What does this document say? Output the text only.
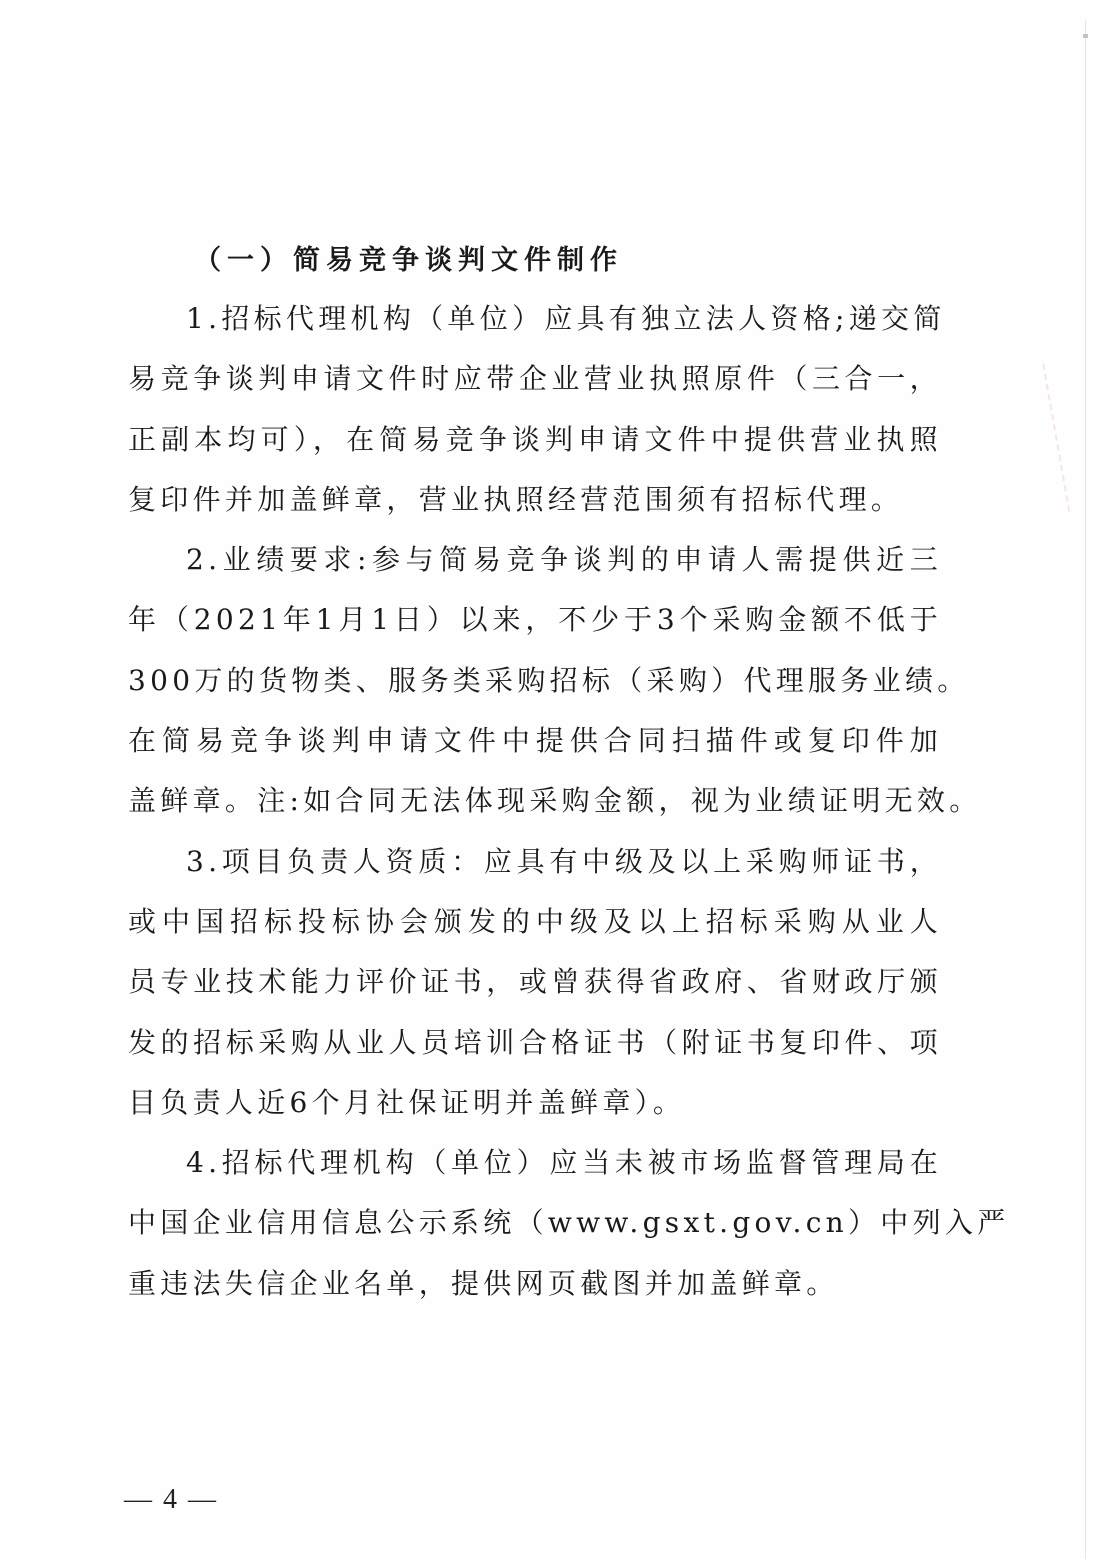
（一）简易竞争谈判文件制作

1.招标代理机构（单位）应具有独立法人资格;递交简
易竞争谈判申请文件时应带企业营业执照原件（三合一，
正副本均可），在简易竞争谈判申请文件中提供营业执照
复印件并加盖鲜章，营业执照经营范围须有招标代理。

2.业绩要求:参与简易竞争谈判的申请人需提供近三
年（2021年1月1日）以来，不少于3个采购金额不低于
300万的货物类、服务类采购招标（采购）代理服务业绩。
在简易竞争谈判申请文件中提供合同扫描件或复印件加
盖鲜章。注:如合同无法体现采购金额，视为业绩证明无效。

3.项目负责人资质：应具有中级及以上采购师证书，
或中国招标投标协会颁发的中级及以上招标采购从业人
员专业技术能力评价证书，或曾获得省政府、省财政厅颁
发的招标采购从业人员培训合格证书（附证书复印件、项
目负责人近6个月社保证明并盖鲜章）。

4.招标代理机构（单位）应当未被市场监督管理局在
中国企业信用信息公示系统（www.gsxt.gov.cn）中列入严
重违法失信企业名单，提供网页截图并加盖鲜章。

— 4 —
